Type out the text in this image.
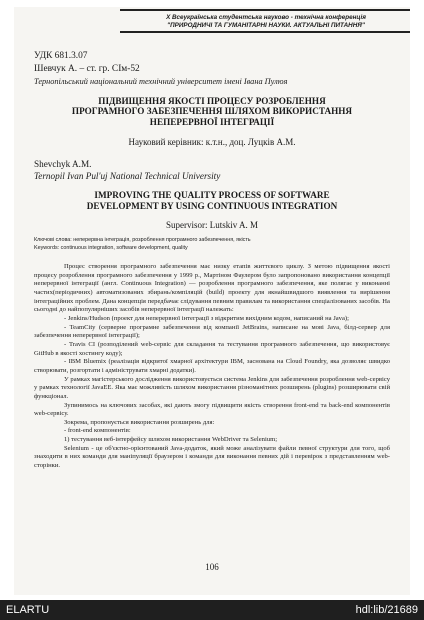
Х Всеукраїнська студентська науково - технічна конференція
"ПРИРОДНИЧІ ТА ГУМАНІТАРНІ НАУКИ. АКТУАЛЬНІ ПИТАННЯ"
УДК 681.3.07
Шевчук А. – ст. гр. СІм-52
Тернопільський національний технічний університет імені Івана Пулюя
ПІДВИЩЕННЯ ЯКОСТІ ПРОЦЕСУ РОЗРОБЛЕННЯ
ПРОГРАМНОГО ЗАБЕЗПЕЧЕННЯ ШЛЯХОМ ВИКОРИСТАННЯ
НЕПЕРЕРВНОЇ ІНТЕГРАЦІЇ
Науковий керівник: к.т.н., доц. Луцків А.М.
Shevchyk A.M.
Ternopil Ivan Pul'uj National Technical University
IMPROVING THE QUALITY PROCESS OF SOFTWARE
DEVELOPMENT BY USING CONTINUOUS INTEGRATION
Supervisor: Lutskiv A. M
Ключові слова: неперервна інтеграція, розроблення програмного забезпечення, якість
Keywords: continuous integration, software development, quality

Процес створення програмного забезпечення має низку етапів життєвого циклу. З метою підвищення якості процесу розроблення програмного забезпечення у 1999 р., Мартіном Фаулером було запропоновано використання концепції неперервної інтеграції (англ. Continuous Integration) — розроблення програмного забезпечення, яке полягає у виконанні частих(періодичних) автоматизованих збирань/компіляцій (build) проекту для якнайшвидшого виявлення та вирішення інтеграційних проблем. Дана концепція передбачає слідування певним правилам та використання спеціалізованих засобів. На сьогодні до найпопулярніших засобів неперервної інтеграції належать:

- Jenkins/Hudson (проект для неперервної інтеграції з відкритим вихідним кодом, написаний на Java);

- TeamCity (сервеpне програмне забезпечення від компанії JetBrains, написане на мові Java, білд-сервер для забезпечення неперервної інтеграції);

- Travis CI (розподілений web-сервіс для складання та тестування програмного забезпечення, що використовує GitHub в якості хостингу коду);

- IBM Bluemix (реалізація відкритої хмарної архітектури IBM, заснована на Cloud Foundry, яка дозволяє швидко створювати, розгортати і адмініструвати хмарні додатки).

У рамках магістерського дослідження використовується система Jenkins для забезпечення розроблення web-сервісу у рамках технології JavaEE. Яка має можливість шляхом використання різноманітних розширень (plugins) розширювати свій функціонал.

Зупинимось на ключових засобах, які дають змогу підвищити якість створення front-end та back-end компонентів web-сервісу.

Зокрема, пропонується використання розширень для:

- front-end компонентів:

1) тестування веб-інтерфейсу шляхом використання WebDriver та Selenium;

Selenium - це об'єктно-орієнтований Java-додаток, який може аналізувати файли певної структури для того, щоб знаходити в них команди для маніпуляції браузером і команди для виконання певних дій і перевірок з представленням web-сторінки.

106
ELARTU	hdl:lib/21689
